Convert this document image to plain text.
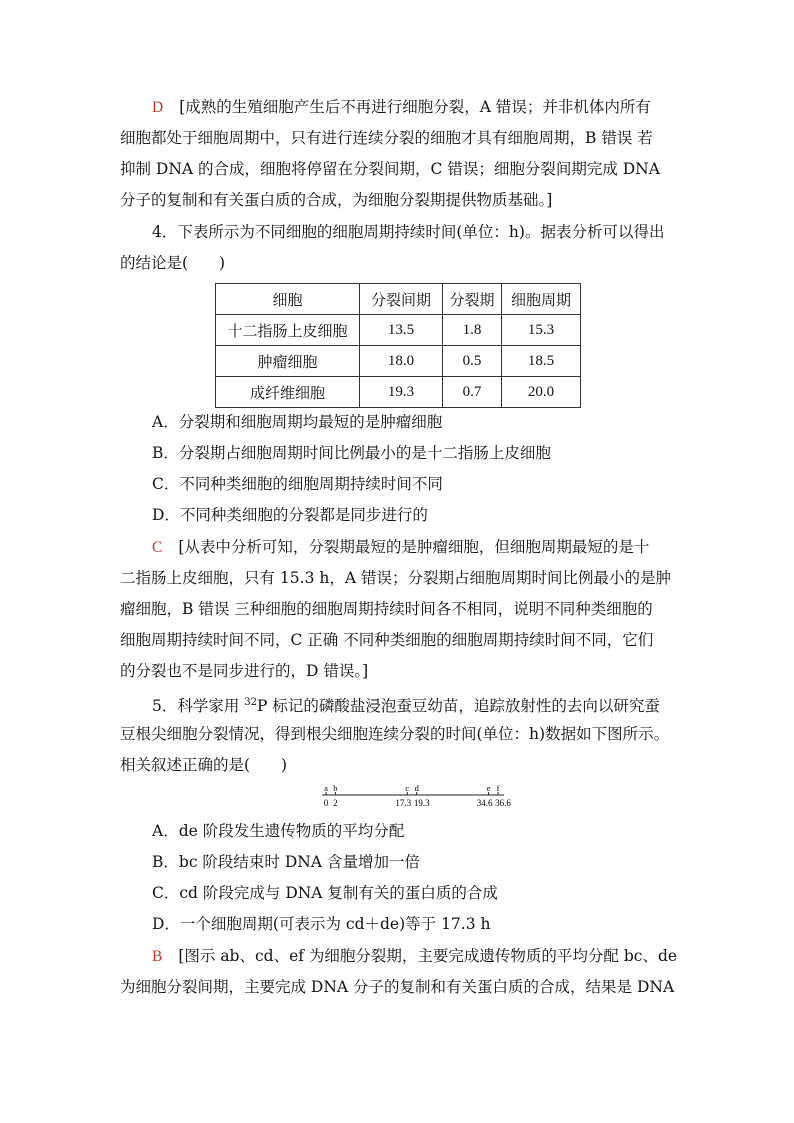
D [成熟的生殖细胞产生后不再进行细胞分裂，A 错误；并非机体内所有
细胞都处于细胞周期中，只有进行连续分裂的细胞才具有细胞周期，B 错误 若
抑制 DNA 的合成，细胞将停留在分裂间期，C 错误；细胞分裂间期完成 DNA
分子的复制和有关蛋白质的合成，为细胞分裂期提供物质基础。]
4．下表所示为不同细胞的细胞周期持续时间(单位：h)。据表分析可以得出
的结论是(　　)
细胞	分裂间期	分裂期	细胞周期
十二指肠上皮细胞	13.5	1.8	15.3
肿瘤细胞	18.0	0.5	18.5
成纤维细胞	19.3	0.7	20.0
A．分裂期和细胞周期均最短的是肿瘤细胞
B．分裂期占细胞周期时间比例最小的是十二指肠上皮细胞
C．不同种类细胞的细胞周期持续时间不同
D．不同种类细胞的分裂都是同步进行的
C [从表中分析可知，分裂期最短的是肿瘤细胞，但细胞周期最短的是十
二指肠上皮细胞，只有 15.3 h，A 错误；分裂期占细胞周期时间比例最小的是肿
瘤细胞，B 错误 三种细胞的细胞周期持续时间各不相同，说明不同种类细胞的
细胞周期持续时间不同，C 正确 不同种类细胞的细胞周期持续时间不同，它们
的分裂也不是同步进行的，D 错误。]
5．科学家用 $^{32}$P 标记的磷酸盐浸泡蚕豆幼苗，追踪放射性的去向以研究蚕
豆根尖细胞分裂情况，得到根尖细胞连续分裂的时间(单位：h)数据如下图所示。
相关叙述正确的是(　　)
a
0
b
2
c
17.3
d
19.3
e
34.6
f
36.6
A．de 阶段发生遗传物质的平均分配
B．bc 阶段结束时 DNA 含量增加一倍
C．cd 阶段完成与 DNA 复制有关的蛋白质的合成
D．一个细胞周期(可表示为 cd＋de)等于 17.3 h
B [图示 ab、cd、ef 为细胞分裂期，主要完成遗传物质的平均分配 bc、de
为细胞分裂间期，主要完成 DNA 分子的复制和有关蛋白质的合成，结果是 DNA
